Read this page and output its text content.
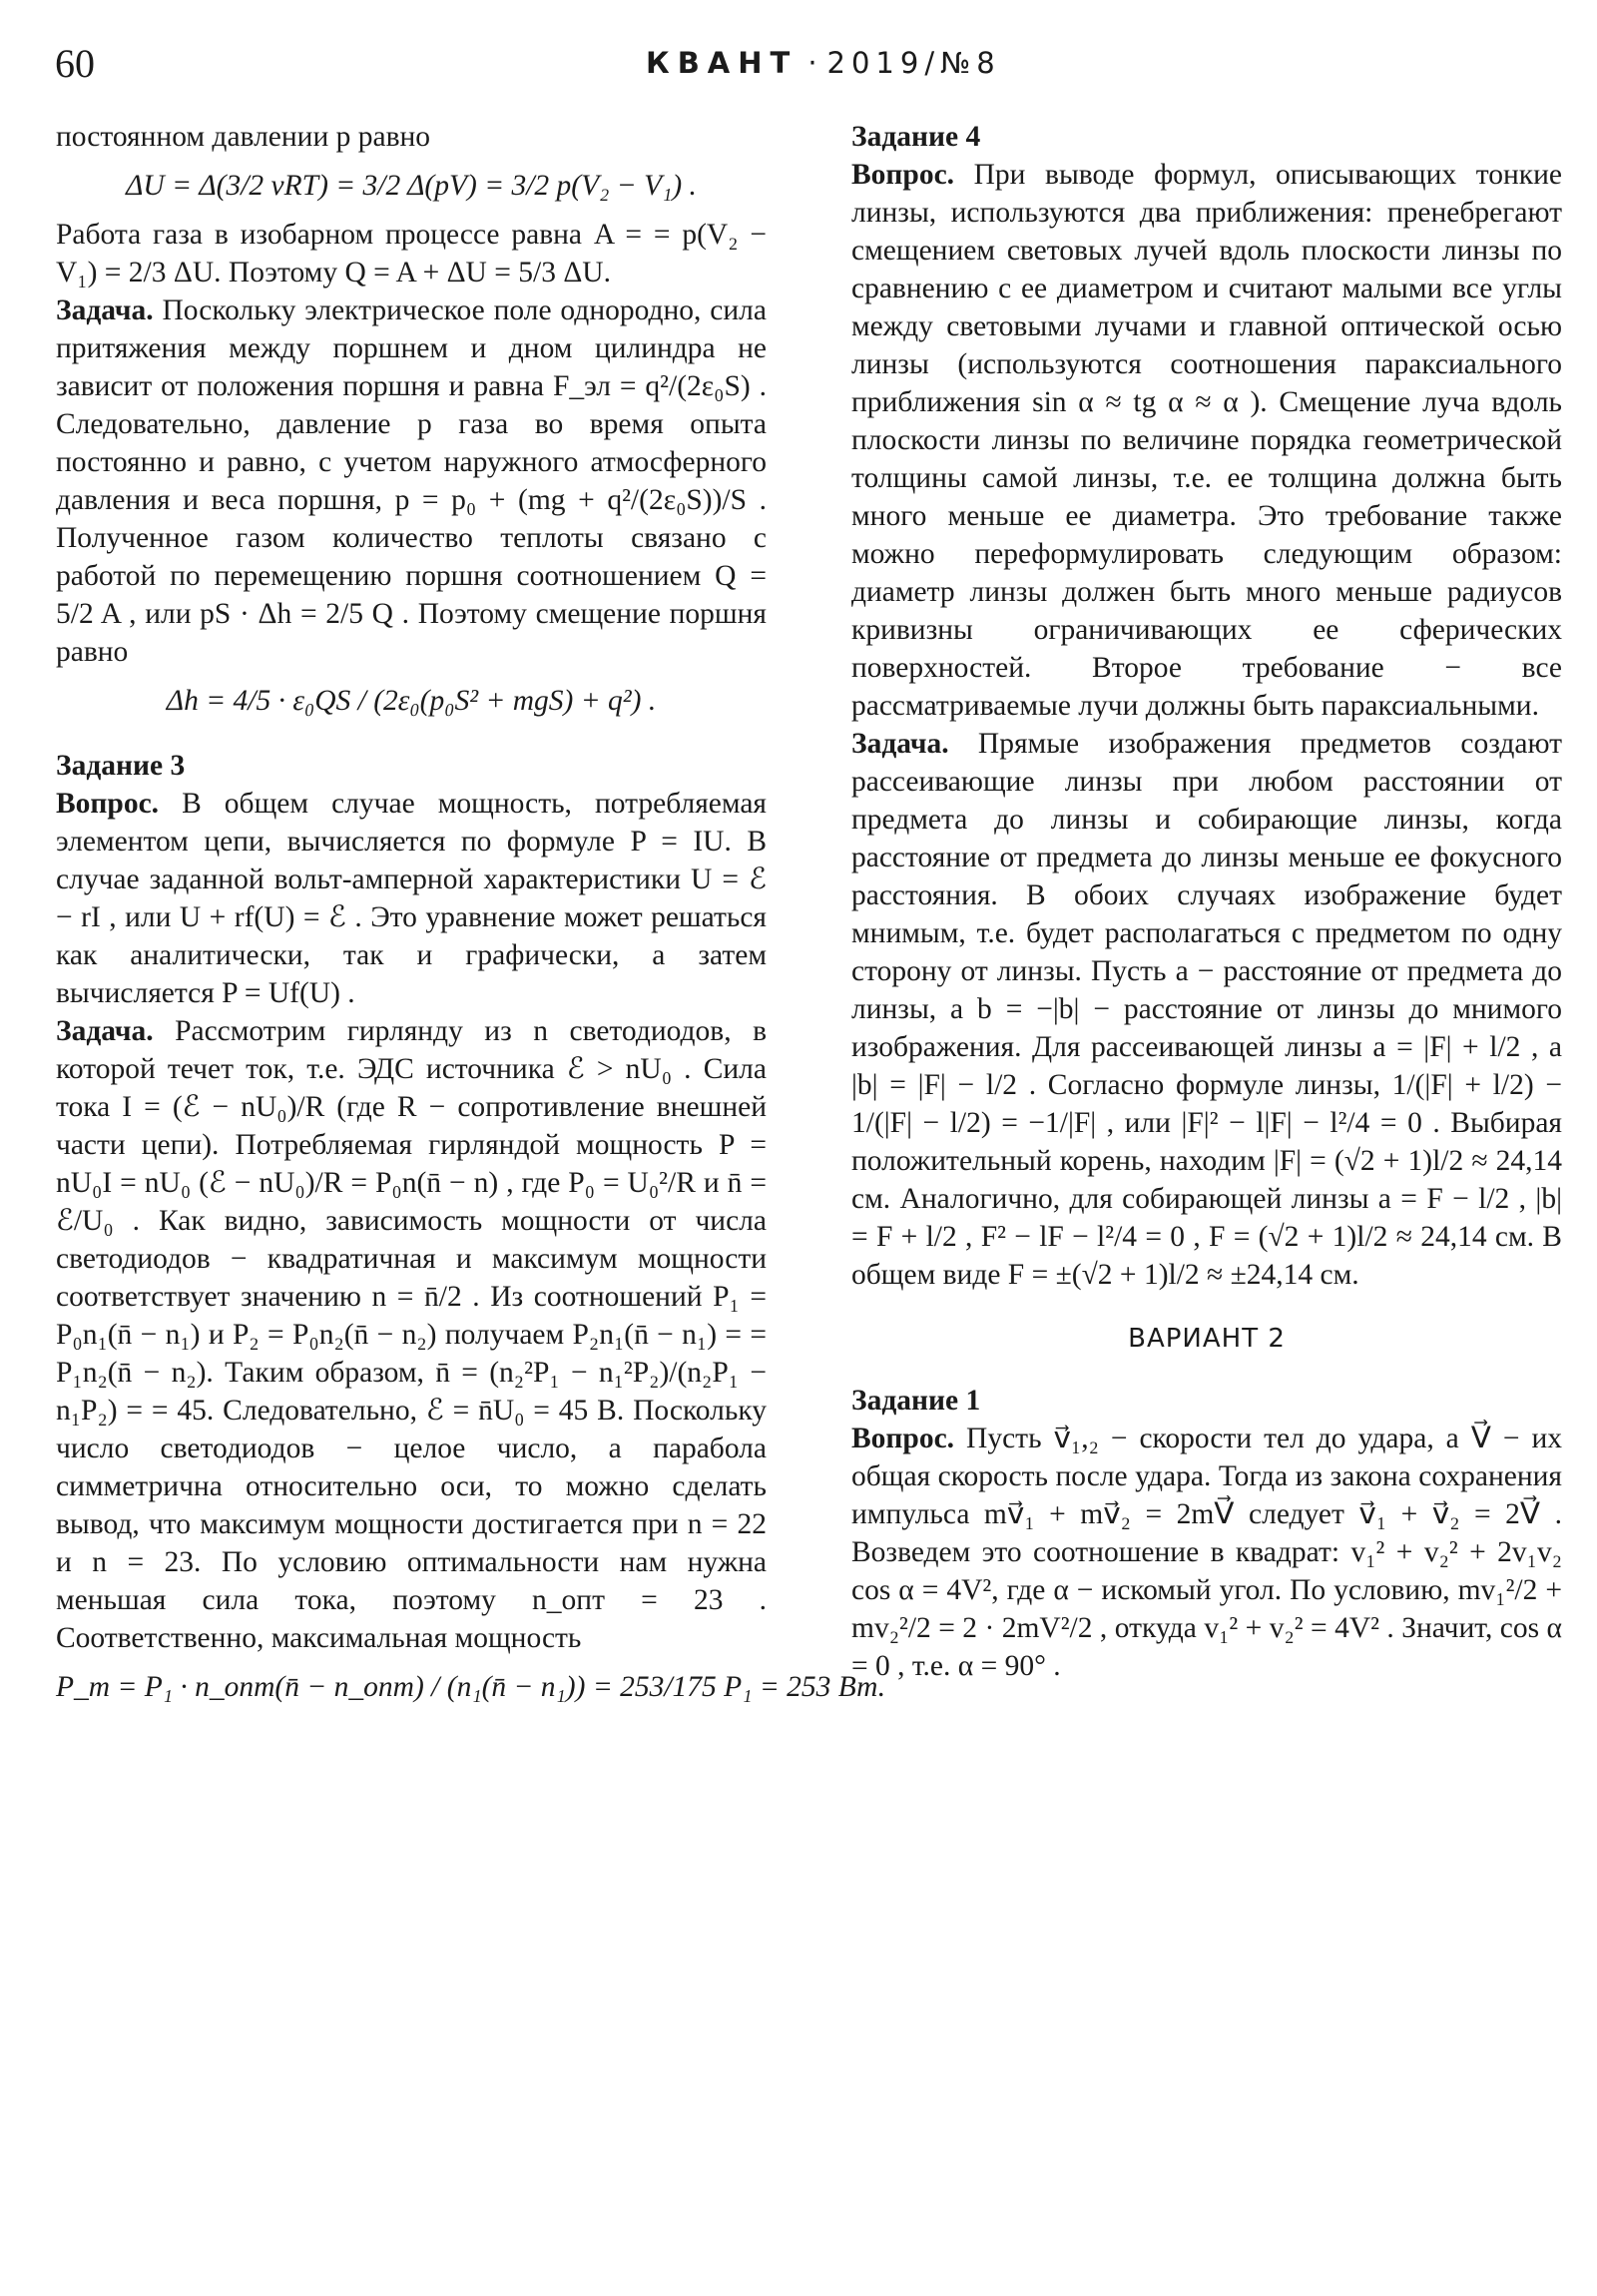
60	КВАНТ · 2019/№8

постоянном давлении p равно

ΔU = Δ(3/2 νRT) = 3/2 Δ(pV) = 3/2 p(V₂ − V₁) .

Работа газа в изобарном процессе равна A = = p(V₂ − V₁) = 2/3 ΔU. Поэтому Q = A + ΔU = 5/3 ΔU.

Задача. Поскольку электрическое поле однородно, сила притяжения между поршнем и дном цилиндра не зависит от положения поршня и равна F_эл = q²/(2ε₀S) . Следовательно, давление p газа во время опыта постоянно и равно, с учетом наружного атмосферного давления и веса поршня, p = p₀ + (mg + q²/(2ε₀S))/S . Полученное газом количество теплоты связано с работой по перемещению поршня соотношением Q = 5/2 A , или pS · Δh = 2/5 Q . Поэтому смещение поршня равно

Δh = 4/5 · ε₀QS / (2ε₀(p₀S² + mgS) + q²) .

Задание 3

Вопрос. В общем случае мощность, потребляемая элементом цепи, вычисляется по формуле P = IU. В случае заданной вольт-амперной характеристики U = ℰ − rI , или U + rf(U) = ℰ . Это уравнение может решаться как аналитически, так и графически, а затем вычисляется P = Uf(U) .

Задача. Рассмотрим гирлянду из n светодиодов, в которой течет ток, т.е. ЭДС источника ℰ > nU₀ . Сила тока I = (ℰ − nU₀)/R (где R − сопротивление внешней части цепи). Потребляемая гирляндой мощность P = nU₀I = nU₀ (ℰ − nU₀)/R = P₀n(n̄ − n) , где P₀ = U₀²/R и n̄ = ℰ/U₀ . Как видно, зависимость мощности от числа светодиодов − квадратичная и максимум мощности соответствует значению n = n̄/2 . Из соотношений P₁ = P₀n₁(n̄ − n₁) и P₂ = P₀n₂(n̄ − n₂) получаем P₂n₁(n̄ − n₁) = = P₁n₂(n̄ − n₂). Таким образом, n̄ = (n₂²P₁ − n₁²P₂)/(n₂P₁ − n₁P₂) = = 45. Следовательно, ℰ = n̄U₀ = 45 В. Поскольку число светодиодов − целое число, а парабола симметрична относительно оси, то можно сделать вывод, что максимум мощности достигается при n = 22 и n = 23. По условию оптимальности нам нужна меньшая сила тока, поэтому n_опт = 23 . Соответственно, максимальная мощность

P_m = P₁ · n_опт(n̄ − n_опт) / (n₁(n̄ − n₁)) = 253/175 P₁ = 253 Вт.

Задание 4

Вопрос. При выводе формул, описывающих тонкие линзы, используются два приближения: пренебрегают смещением световых лучей вдоль плоскости линзы по сравнению с ее диаметром и считают малыми все углы между световыми лучами и главной оптической осью линзы (используются соотношения параксиального приближения sin α ≈ tg α ≈ α ). Смещение луча вдоль плоскости линзы по величине порядка геометрической толщины самой линзы, т.е. ее толщина должна быть много меньше ее диаметра. Это требование также можно переформулировать следующим образом: диаметр линзы должен быть много меньше радиусов кривизны ограничивающих ее сферических поверхностей. Второе требование − все рассматриваемые лучи должны быть параксиальными.

Задача. Прямые изображения предметов создают рассеивающие линзы при любом расстоянии от предмета до линзы и собирающие линзы, когда расстояние от предмета до линзы меньше ее фокусного расстояния. В обоих случаях изображение будет мнимым, т.е. будет располагаться с предметом по одну сторону от линзы. Пусть a − расстояние от предмета до линзы, а b = −|b| − расстояние от линзы до мнимого изображения. Для рассеивающей линзы a = |F| + l/2 , а |b| = |F| − l/2 . Согласно формуле линзы, 1/(|F| + l/2) − 1/(|F| − l/2) = −1/|F| , или |F|² − l|F| − l²/4 = 0 . Выбирая положительный корень, находим |F| = (√2 + 1)l/2 ≈ 24,14 см. Аналогично, для собирающей линзы a = F − l/2 , |b| = F + l/2 , F² − lF − l²/4 = 0 , F = (√2 + 1)l/2 ≈ 24,14 см. В общем виде F = ±(√2 + 1)l/2 ≈ ±24,14 см.

ВАРИАНТ 2

Задание 1

Вопрос. Пусть v⃗₁,₂ − скорости тел до удара, а V⃗ − их общая скорость после удара. Тогда из закона сохранения импульса mv⃗₁ + mv⃗₂ = 2mV⃗ следует v⃗₁ + v⃗₂ = 2V⃗ . Возведем это соотношение в квадрат: v₁² + v₂² + 2v₁v₂ cos α = 4V², где α − искомый угол. По условию, mv₁²/2 + mv₂²/2 = 2 · 2mV²/2 , откуда v₁² + v₂² = 4V² . Значит, cos α = 0 , т.е. α = 90° .
